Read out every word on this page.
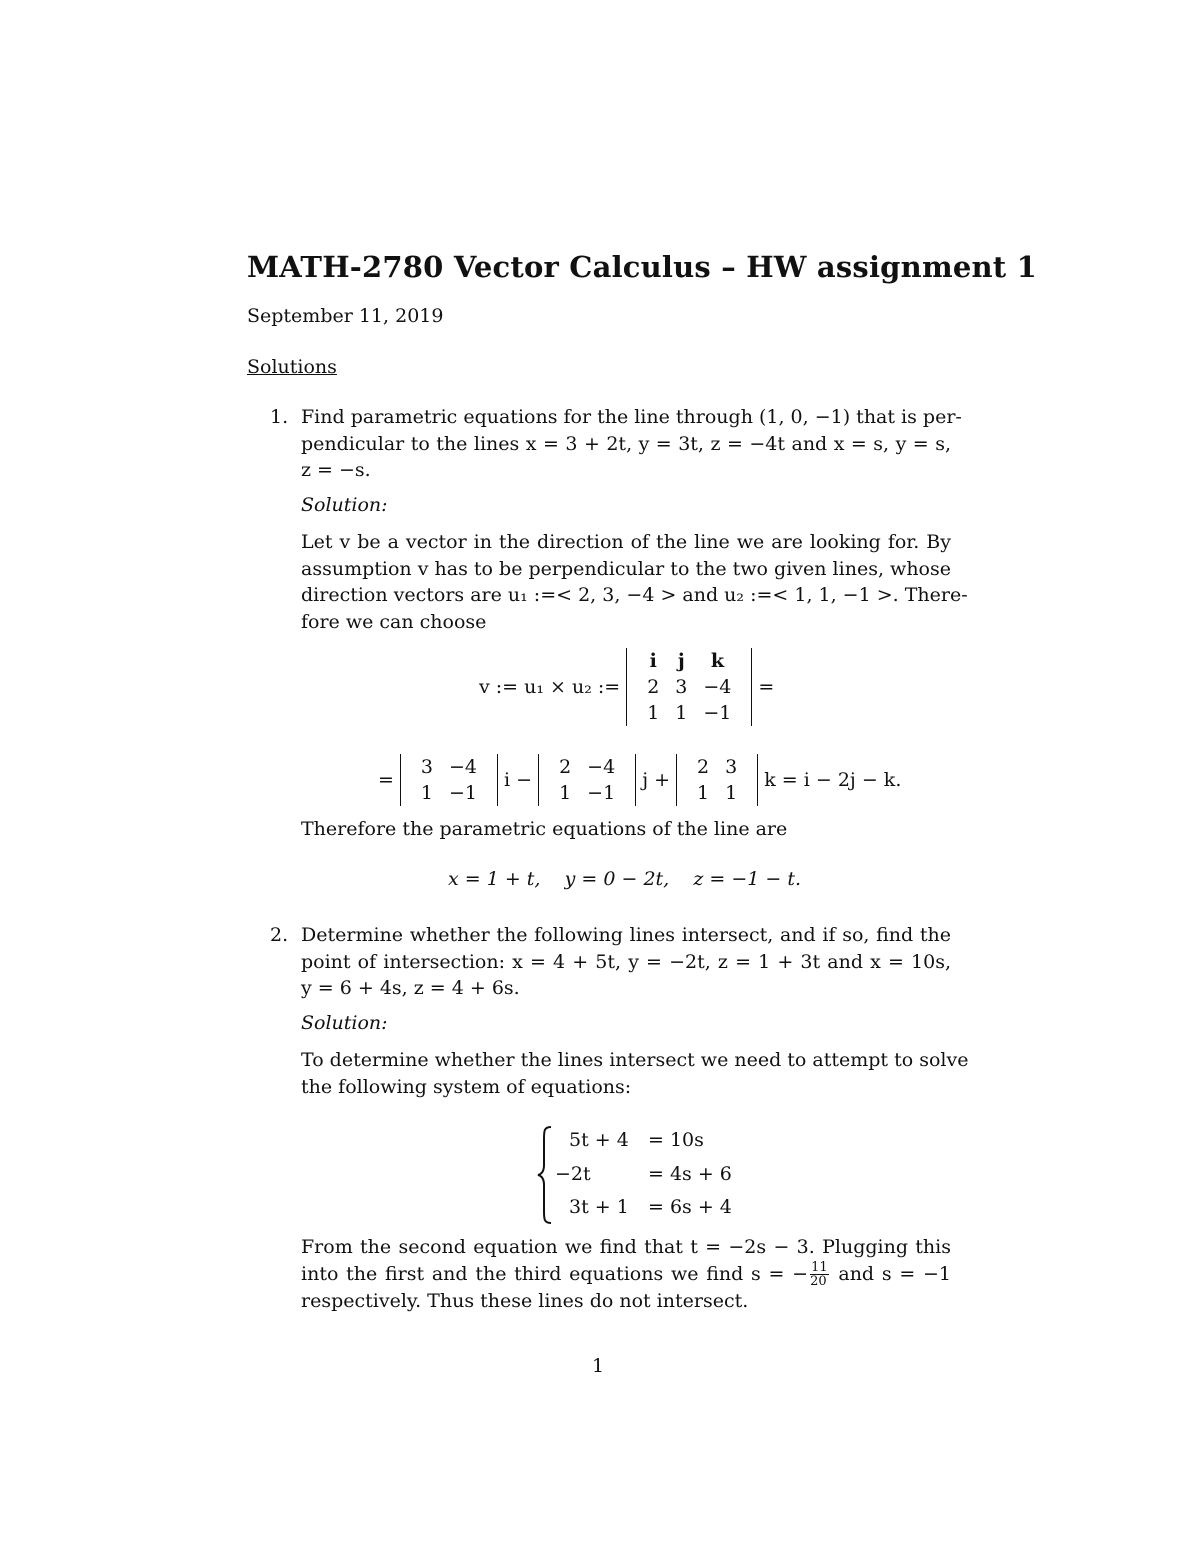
MATH-2780 Vector Calculus – HW assignment 1
September 11, 2019
Solutions
1. Find parametric equations for the line through (1, 0, −1) that is per-
pendicular to the lines x = 3 + 2t, y = 3t, z = −4t and x = s, y = s,
z = −s.
Solution:
Let v be a vector in the direction of the line we are looking for. By
assumption v has to be perpendicular to the two given lines, whose
direction vectors are u₁ :=< 2, 3, −4 > and u₂ :=< 1, 1, −1 >. There-
fore we can choose
v := u₁ × u₂ :=
i	j	k
2	3	−4
1	1	−1
=
=
3	−4
1	−1
i −
2	−4
1	−1
j +
2	3
1	1
k = i − 2j − k.
Therefore the parametric equations of the line are
x = 1 + t,    y = 0 − 2t,    z = −1 − t.
2. Determine whether the following lines intersect, and if so, find the
point of intersection: x = 4 + 5t, y = −2t, z = 1 + 3t and x = 10s,
y = 6 + 4s, z = 4 + 6s.
Solution:
To determine whether the lines intersect we need to attempt to solve
the following system of equations:
5t + 4 = 10s
−2t	= 4s + 6
3t + 1 = 6s + 4
From the second equation we find that t = −2s − 3. Plugging this
into the first and the third equations we find s = − $\frac{11}{20}$ and s = −1
respectively. Thus these lines do not intersect.
1
